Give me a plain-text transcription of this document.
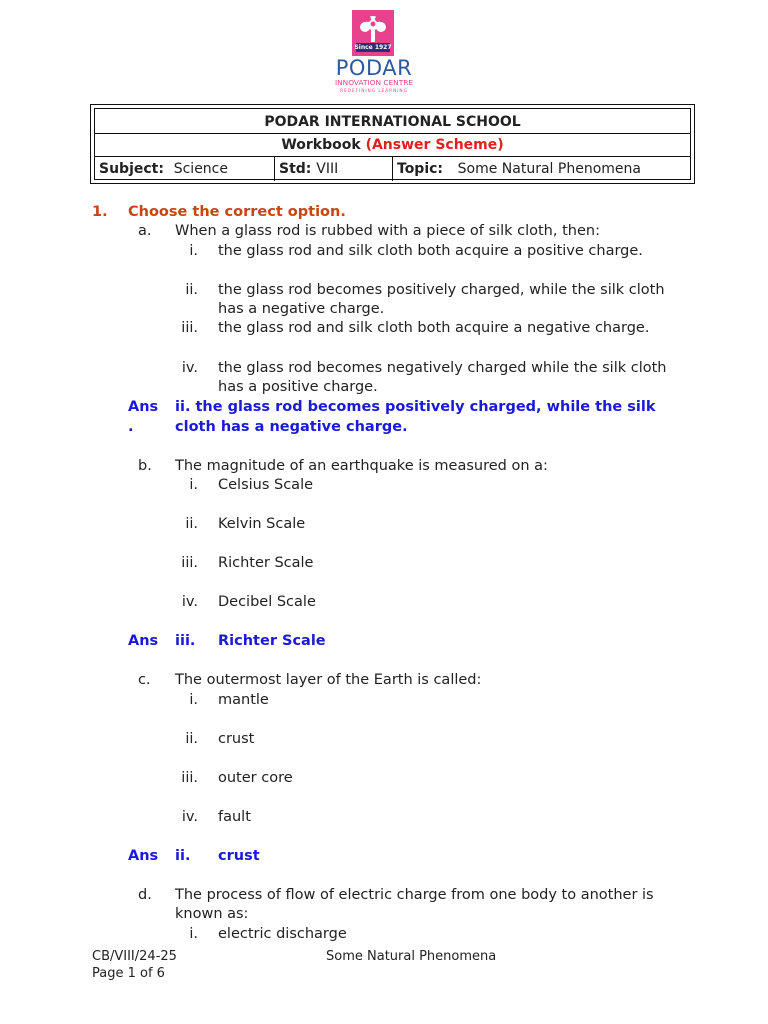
Since 1927
PODAR
INNOVATION CENTRE
REDEFINING LEARNING
PODAR INTERNATIONAL SCHOOL
Workbook (Answer Scheme)
Subject: Science	Std: VIII	Topic: Some Natural Phenomena
1. Choose the correct option.
a. When a glass rod is rubbed with a piece of silk cloth, then:
i. the glass rod and silk cloth both acquire a positive charge.
ii. the glass rod becomes positively charged, while the silk cloth
has a negative charge.
iii. the glass rod and silk cloth both acquire a negative charge.
iv. the glass rod becomes negatively charged while the silk cloth
has a positive charge.
Ans
.
ii. the glass rod becomes positively charged, while the silk
cloth has a negative charge.
b. The magnitude of an earthquake is measured on a:
i. Celsius Scale
ii. Kelvin Scale
iii. Richter Scale
iv. Decibel Scale
Ans iii. Richter Scale
c. The outermost layer of the Earth is called:
i. mantle
ii. crust
iii. outer core
iv. fault
Ans ii. crust
d. The process of flow of electric charge from one body to another is
known as:
i. electric discharge
CB/VIII/24-25
Page 1 of 6
Some Natural Phenomena
